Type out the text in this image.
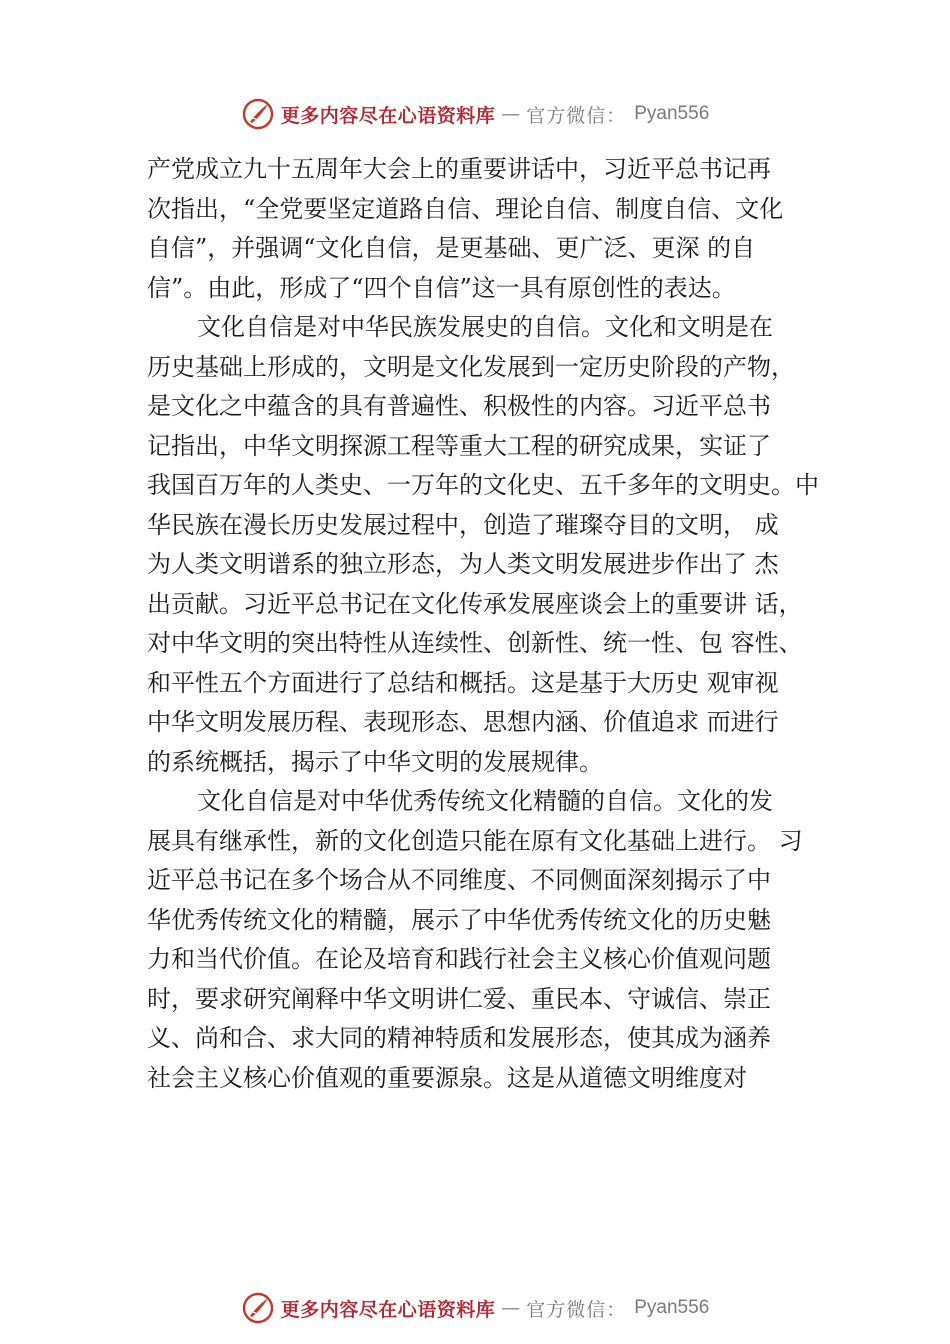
更多内容尽在心语资料库 — 官方微信： Pyan556
产党成立九十五周年大会上的重要讲话中，习近平总书记再
次指出，“全党要坚定道路自信、理论自信、制度自信、文化
自信”，并强调“文化自信，是更基础、更广泛、更深 的自
信”。由此，形成了“四个自信”这一具有原创性的表达。
文化自信是对中华民族发展史的自信。文化和文明是在
历史基础上形成的，文明是文化发展到一定历史阶段的产物，
是文化之中蕴含的具有普遍性、积极性的内容。习近平总书
记指出，中华文明探源工程等重大工程的研究成果，实证了
我国百万年的人类史、一万年的文化史、五千多年的文明史。中
华民族在漫长历史发展过程中，创造了璀璨夺目的文明， 成
为人类文明谱系的独立形态，为人类文明发展进步作出了 杰
出贡献。习近平总书记在文化传承发展座谈会上的重要讲 话，
对中华文明的突出特性从连续性、创新性、统一性、包 容性、
和平性五个方面进行了总结和概括。这是基于大历史 观审视
中华文明发展历程、表现形态、思想内涵、价值追求 而进行
的系统概括，揭示了中华文明的发展规律。
文化自信是对中华优秀传统文化精髓的自信。文化的发
展具有继承性，新的文化创造只能在原有文化基础上进行。 习
近平总书记在多个场合从不同维度、不同侧面深刻揭示了中
华优秀传统文化的精髓，展示了中华优秀传统文化的历史魅
力和当代价值。在论及培育和践行社会主义核心价值观问题
时，要求研究阐释中华文明讲仁爱、重民本、守诚信、崇正
义、尚和合、求大同的精神特质和发展形态，使其成为涵养
社会主义核心价值观的重要源泉。这是从道德文明维度对
更多内容尽在心语资料库 — 官方微信： Pyan556
